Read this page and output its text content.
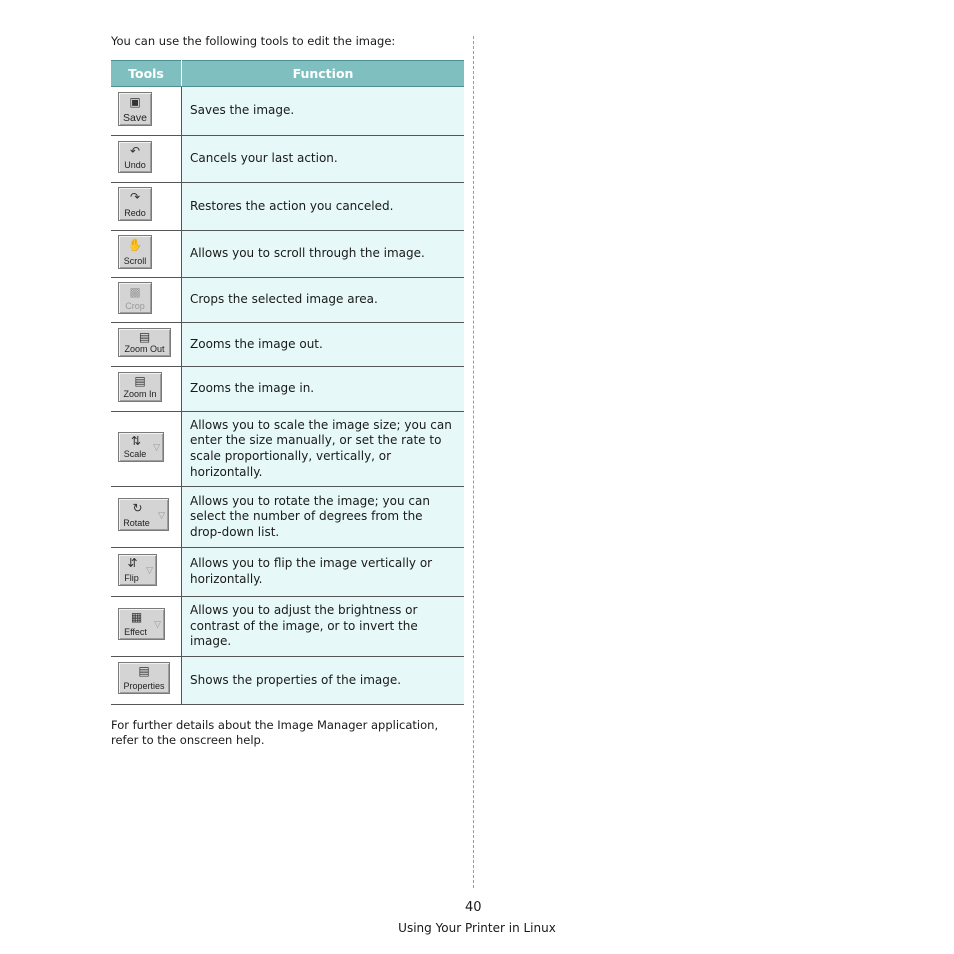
You can use the following tools to edit the image:
Tools	Function

▣
Save	Saves the image.

↶
Undo	Cancels your last action.

↷
Redo	Restores the action you canceled.

✋
Scroll	Allows you to scroll through the image.

▩
Crop	Crops the selected image area.

▤
Zoom Out	Zooms the image out.

▤
Zoom In	Zooms the image in.

⇅
Scale
▽	Allows you to scale the image size; you can enter the size manually, or set the rate to scale proportionally, vertically, or horizontally.

↻
Rotate
▽	Allows you to rotate the image; you can select the number of degrees from the drop-down list.

⇵
Flip
▽	Allows you to flip the image vertically or horizontally.

▦
Effect
▽	Allows you to adjust the brightness or contrast of the image, or to invert the image.

▤
Properties	Shows the properties of the image.
For further details about the Image Manager application, refer to the onscreen help.
40
Using Your Printer in Linux
